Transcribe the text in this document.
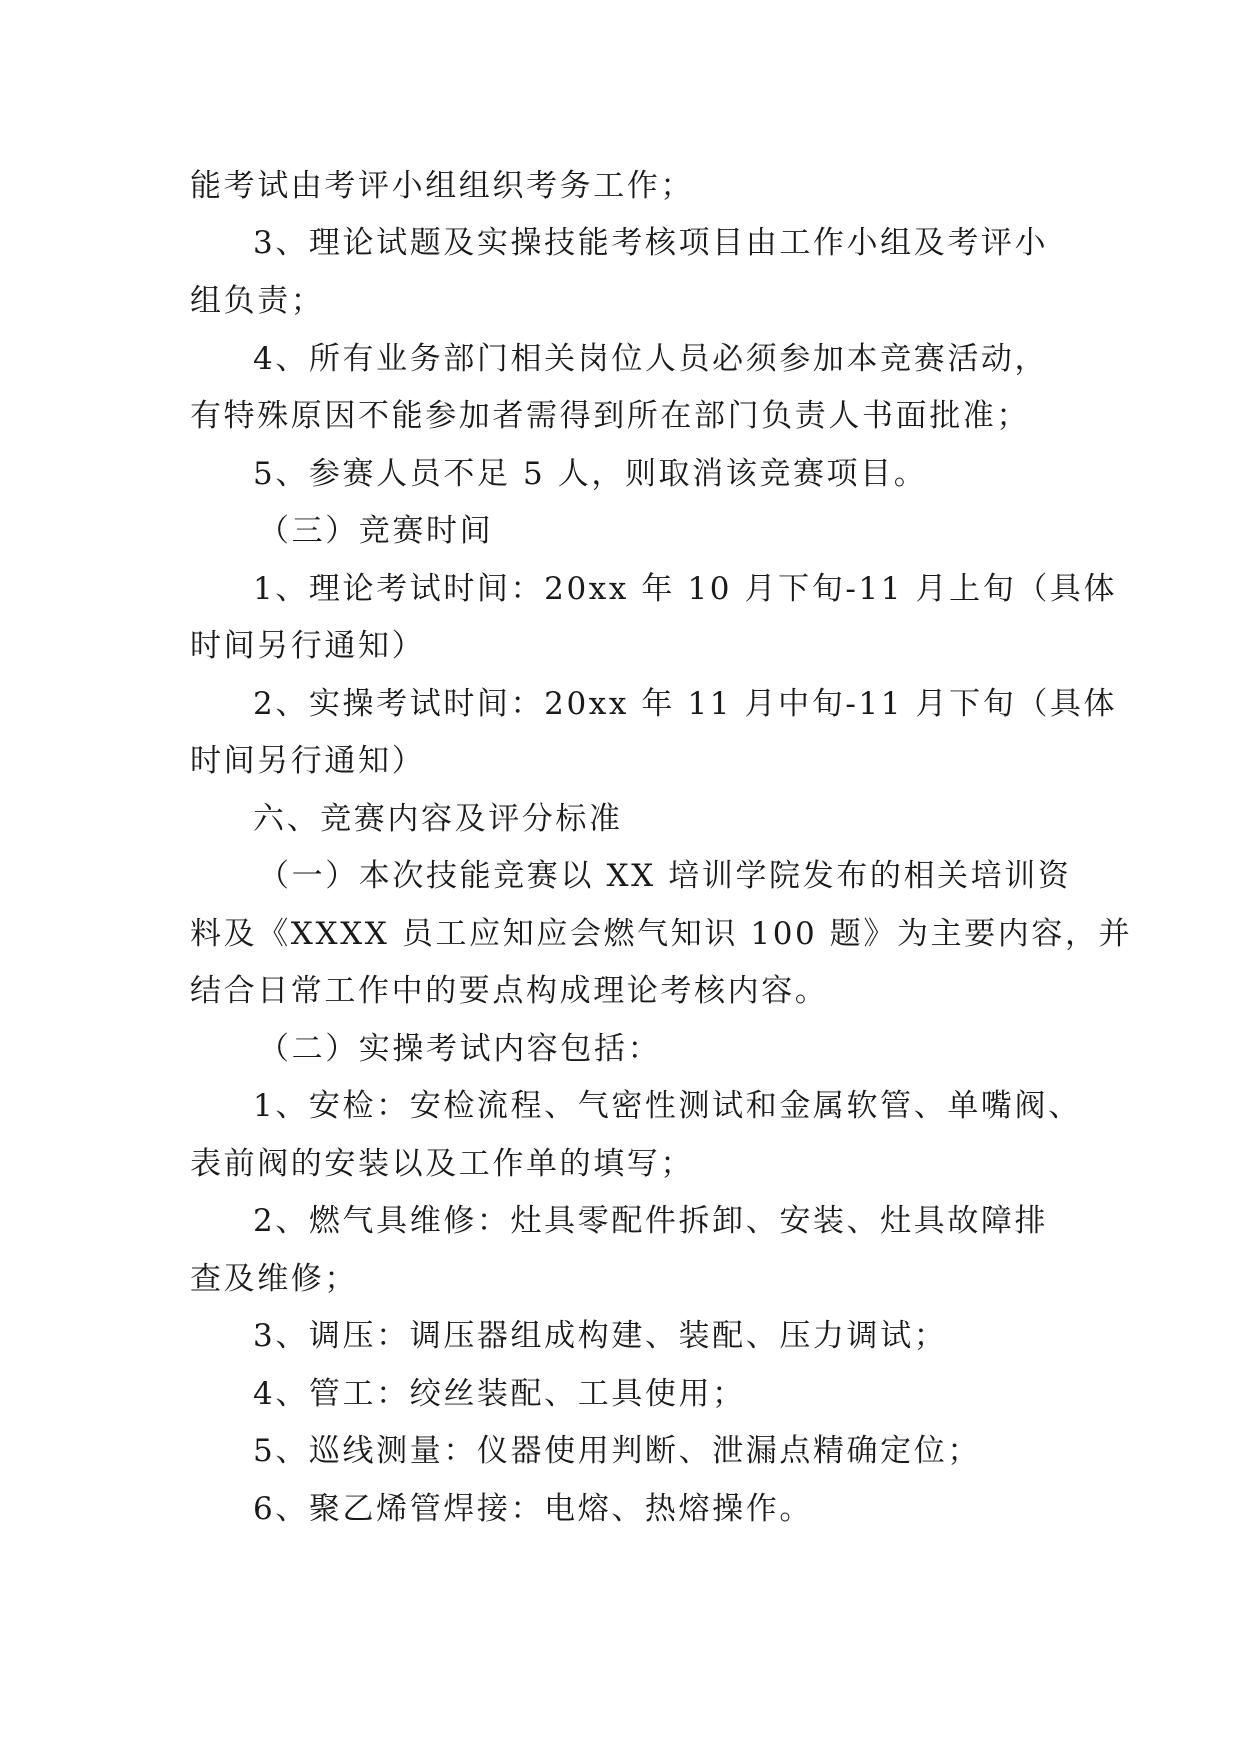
能考试由考评小组组织考务工作；
3、理论试题及实操技能考核项目由工作小组及考评小
组负责；
4、所有业务部门相关岗位人员必须参加本竞赛活动，
有特殊原因不能参加者需得到所在部门负责人书面批准；
5、参赛人员不足 5 人，则取消该竞赛项目。
（三）竞赛时间
1、理论考试时间：20xx 年 10 月下旬-11 月上旬（具体
时间另行通知）
2、实操考试时间：20xx 年 11 月中旬-11 月下旬（具体
时间另行通知）
六、竞赛内容及评分标准
（一）本次技能竞赛以 XX 培训学院发布的相关培训资
料及《XXXX 员工应知应会燃气知识 100 题》为主要内容，并
结合日常工作中的要点构成理论考核内容。
（二）实操考试内容包括：
1、安检：安检流程、气密性测试和金属软管、单嘴阀、
表前阀的安装以及工作单的填写；
2、燃气具维修：灶具零配件拆卸、安装、灶具故障排
查及维修；
3、调压：调压器组成构建、装配、压力调试；
4、管工：绞丝装配、工具使用；
5、巡线测量：仪器使用判断、泄漏点精确定位；
6、聚乙烯管焊接：电熔、热熔操作。
